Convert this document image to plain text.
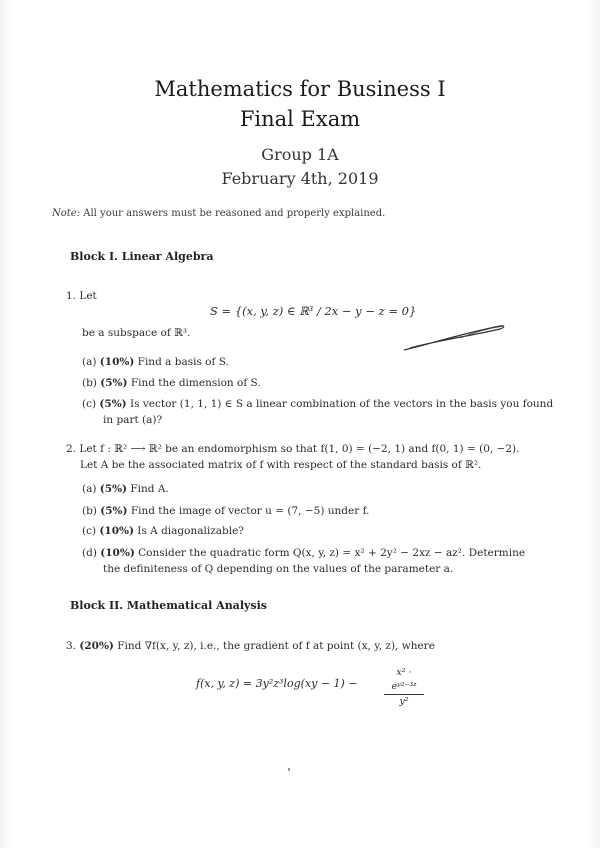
Mathematics for Business I
Final Exam
Group 1A
February 4th, 2019
Note: All your answers must be reasoned and properly explained.
Block I. Linear Algebra
1. Let
S = {(x, y, z) ∈ ℝ³ / 2x − y − z = 0}
be a subspace of ℝ³.
(a) (10%) Find a basis of S.
(b) (5%) Find the dimension of S.
(c) (5%) Is vector (1, 1, 1) ∈ S a linear combination of the vectors in the basis you found
in part (a)?
2. Let f : ℝ² ⟶ ℝ² be an endomorphism so that f(1, 0) = (−2, 1) and f(0, 1) = (0, −2).
Let A be the associated matrix of f with respect of the standard basis of ℝ².
(a) (5%) Find A.
(b) (5%) Find the image of vector u = (7, −5) under f.
(c) (10%) Is A diagonalizable?
(d) (10%) Consider the quadratic form Q(x, y, z) = x² + 2y² − 2xz − az². Determine
the definiteness of Q depending on the values of the parameter a.
Block II. Mathematical Analysis
3. (20%) Find ∇f(x, y, z), i.e., the gradient of f at point (x, y, z), where
f(x, y, z) = 3y²z³log(xy − 1) −	$\frac{\text{x² · eʸ²⁻³ᶻ}}{\text{y²}}$
